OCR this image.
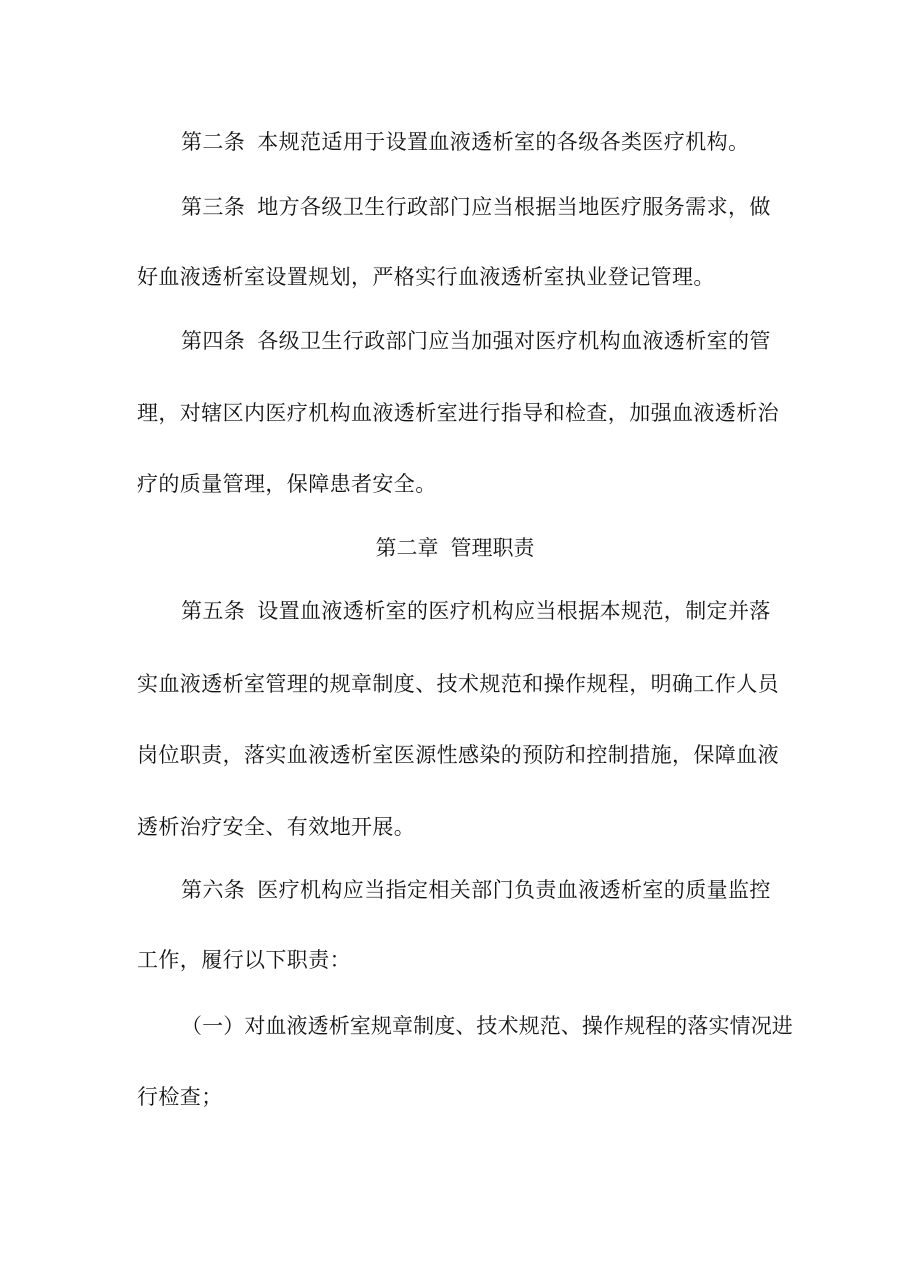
第二条 本规范适用于设置血液透析室的各级各类医疗机构。
第三条 地方各级卫生行政部门应当根据当地医疗服务需求，做
好血液透析室设置规划，严格实行血液透析室执业登记管理。
第四条 各级卫生行政部门应当加强对医疗机构血液透析室的管
理，对辖区内医疗机构血液透析室进行指导和检查，加强血液透析治
疗的质量管理，保障患者安全。
第二章 管理职责
第五条 设置血液透析室的医疗机构应当根据本规范，制定并落
实血液透析室管理的规章制度、技术规范和操作规程，明确工作人员
岗位职责，落实血液透析室医源性感染的预防和控制措施，保障血液
透析治疗安全、有效地开展。
第六条 医疗机构应当指定相关部门负责血液透析室的质量监控
工作，履行以下职责：
（一）对血液透析室规章制度、技术规范、操作规程的落实情况进
行检查；
